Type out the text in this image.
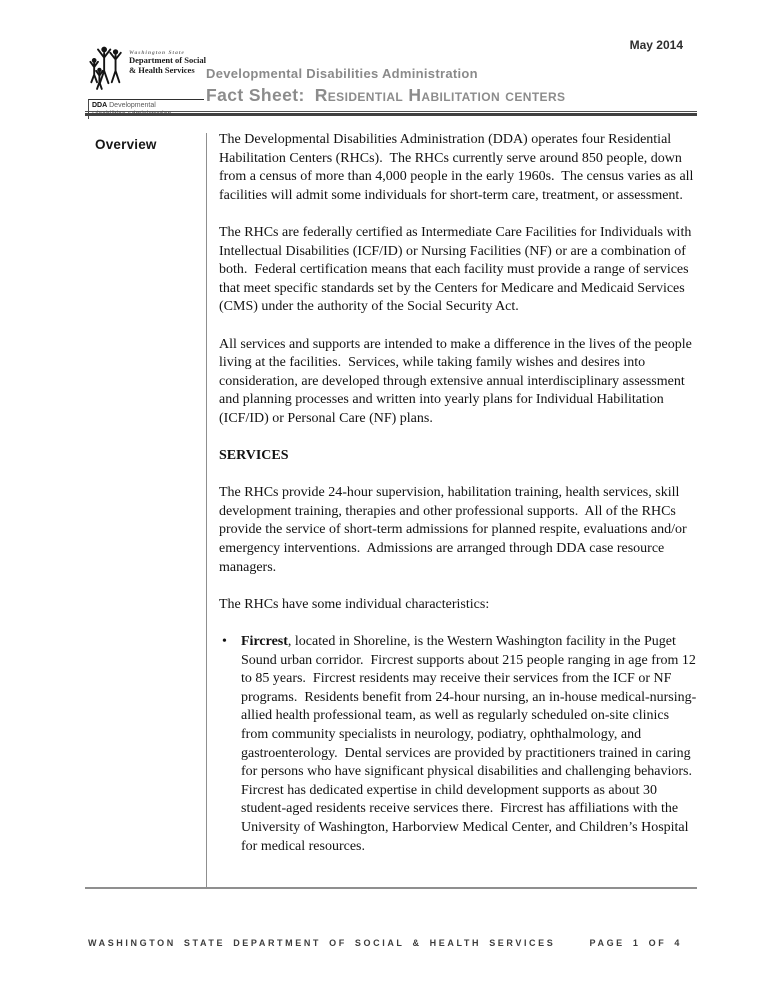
May 2014
Washington State
Department of Social
& Health Services
DDA Developmental
Disabilities Administration
Developmental Disabilities Administration
Fact Sheet: Residential Habilitation centers
Overview	The Developmental Disabilities Administration (DDA) operates four Residential Habilitation Centers (RHCs).  The RHCs currently serve around 850 people, down from a census of more than 4,000 people in the early 1960s.  The census varies as all facilities will admit some individuals for short-term care, treatment, or assessment.

The RHCs are federally certified as Intermediate Care Facilities for Individuals with Intellectual Disabilities (ICF/ID) or Nursing Facilities (NF) or are a combination of both.  Federal certification means that each facility must provide a range of services that meet specific standards set by the Centers for Medicare and Medicaid Services (CMS) under the authority of the Social Security Act.

All services and supports are intended to make a difference in the lives of the people living at the facilities.  Services, while taking family wishes and desires into consideration, are developed through extensive annual interdisciplinary assessment and planning processes and written into yearly plans for Individual Habilitation (ICF/ID) or Personal Care (NF) plans.

SERVICES

The RHCs provide 24-hour supervision, habilitation training, health services, skill development training, therapies and other professional supports.  All of the RHCs provide the service of short-term admissions for planned respite, evaluations and/or emergency interventions.  Admissions are arranged through DDA case resource managers.

The RHCs have some individual characteristics:

• Fircrest, located in Shoreline, is the Western Washington facility in the Puget Sound urban corridor.  Fircrest supports about 215 people ranging in age from 12 to 85 years.  Fircrest residents may receive their services from the ICF or NF programs.  Residents benefit from 24-hour nursing, an in-house medical-nursing-allied health professional team, as well as regularly scheduled on-site clinics from community specialists in neurology, podiatry, ophthalmology, and gastroenterology.  Dental services are provided by practitioners trained in caring for persons who have significant physical disabilities and challenging behaviors.  Fircrest has dedicated expertise in child development supports as about 30 student-aged residents receive services there.  Fircrest has affiliations with the University of Washington, Harborview Medical Center, and Children’s Hospital for medical resources.
WASHINGTON STATE DEPARTMENT OF SOCIAL & HEALTH SERVICES	PAGE 1 OF 4
